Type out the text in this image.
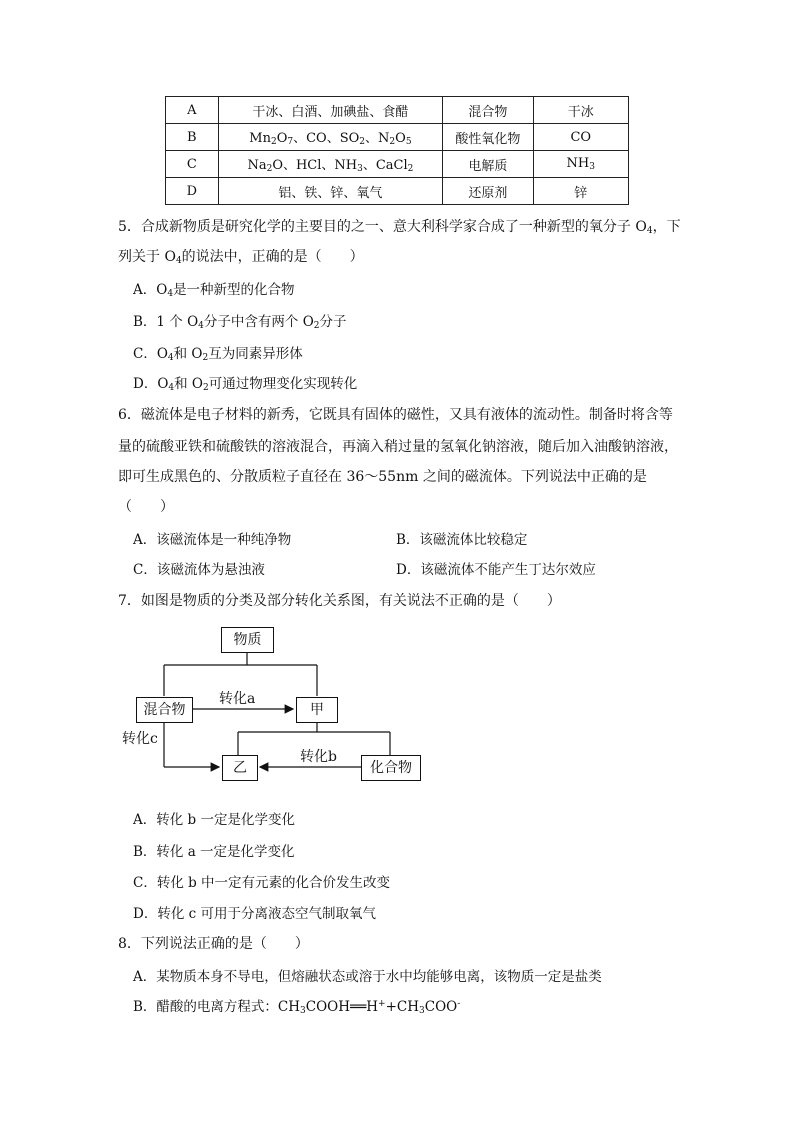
A	干冰、白酒、加碘盐、食醋	混合物	干冰
B	$Mn_2O_7$、CO、$SO_2$、$N_2O_5$	酸性氧化物	CO
C	$Na_2O$、HCl、$NH_3$、CaCl$_2$	电解质	$NH_3$
D	铝、铁、锌、氧气	还原剂	锌
5．合成新物质是研究化学的主要目的之一、意大利科学家合成了一种新型的氧分子 $O_4$，下
列关于 $O_4$的说法中，正确的是（　　）
A．$O_4$是一种新型的化合物
B．1 个 $O_4$分子中含有两个 $O_2$分子
C．$O_4$和 $O_2$互为同素异形体
D．$O_4$和 $O_2$可通过物理变化实现转化
6．磁流体是电子材料的新秀，它既具有固体的磁性，又具有液体的流动性。制备时将含等
量的硫酸亚铁和硫酸铁的溶液混合，再滴入稍过量的氢氧化钠溶液，随后加入油酸钠溶液，
即可生成黑色的、分散质粒子直径在 36～55nm 之间的磁流体。下列说法中正确的是
（　　）
A．该磁流体是一种纯净物	B．该磁流体比较稳定
C．该磁流体为悬浊液	D．该磁流体不能产生丁达尔效应
7．如图是物质的分类及部分转化关系图，有关说法不正确的是（　　）
物质
混合物	甲
乙	化合物
转化a
转化b
转化c
A．转化 b 一定是化学变化
B．转化 a 一定是化学变化
C．转化 b 中一定有元素的化合价发生改变
D．转化 c 可用于分离液态空气制取氧气
8．下列说法正确的是（　　）
A．某物质本身不导电，但熔融状态或溶于水中均能够电离，该物质一定是盐类
B．醋酸的电离方程式：$CH_3COOH══H^++CH_3COO^-$
